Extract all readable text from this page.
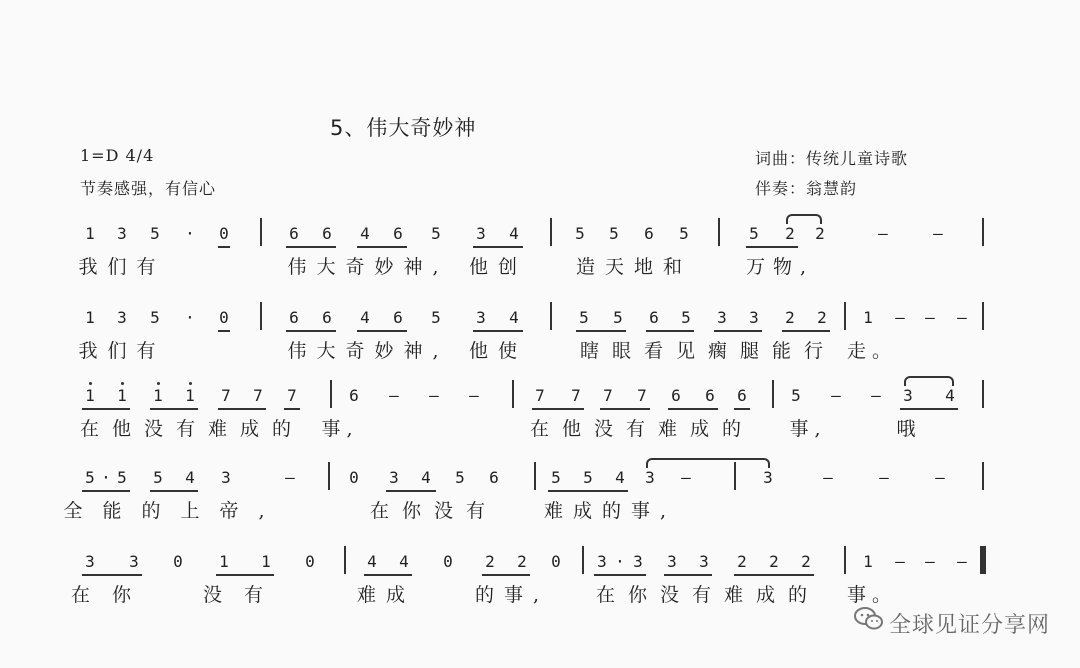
5、伟大奇妙神
1=D 4/4
节奏感强，有信心
词曲：传统儿童诗歌
伴奏：翁慧韵
1 3 5 · 0	6 6 4 6 5 3 4	5 5 6 5	5 2 2	–	–
我们有	伟大奇妙神, 他创	造天地和	万物,
1 3 5 · 0	6 6 4 6 5 3 4	5 5 6 5 3 3 2 2 1 – – –
我们有	伟大奇妙神, 他使	瞎眼看见瘸腿能行 走。
1 1 1 1 7 7 7	6 – – –	7 7 7 7 6 6 6	5 – – 3 4
在他没有难成的 事,	在他没有难成的 事,	哦
5 · 5 5 4 3	–	0 3 4 5 6	5 5 4 3 –	3	–	–	–
全能的上帝,	在你没有 难成的事,
3 3 0 1 1 0	4 4 0 2 2 0 3 · 3 3 3 2 2 2	1 – – –
在你	没有	难成	的事, 在你没有难成的 事。
全球见证分享网
